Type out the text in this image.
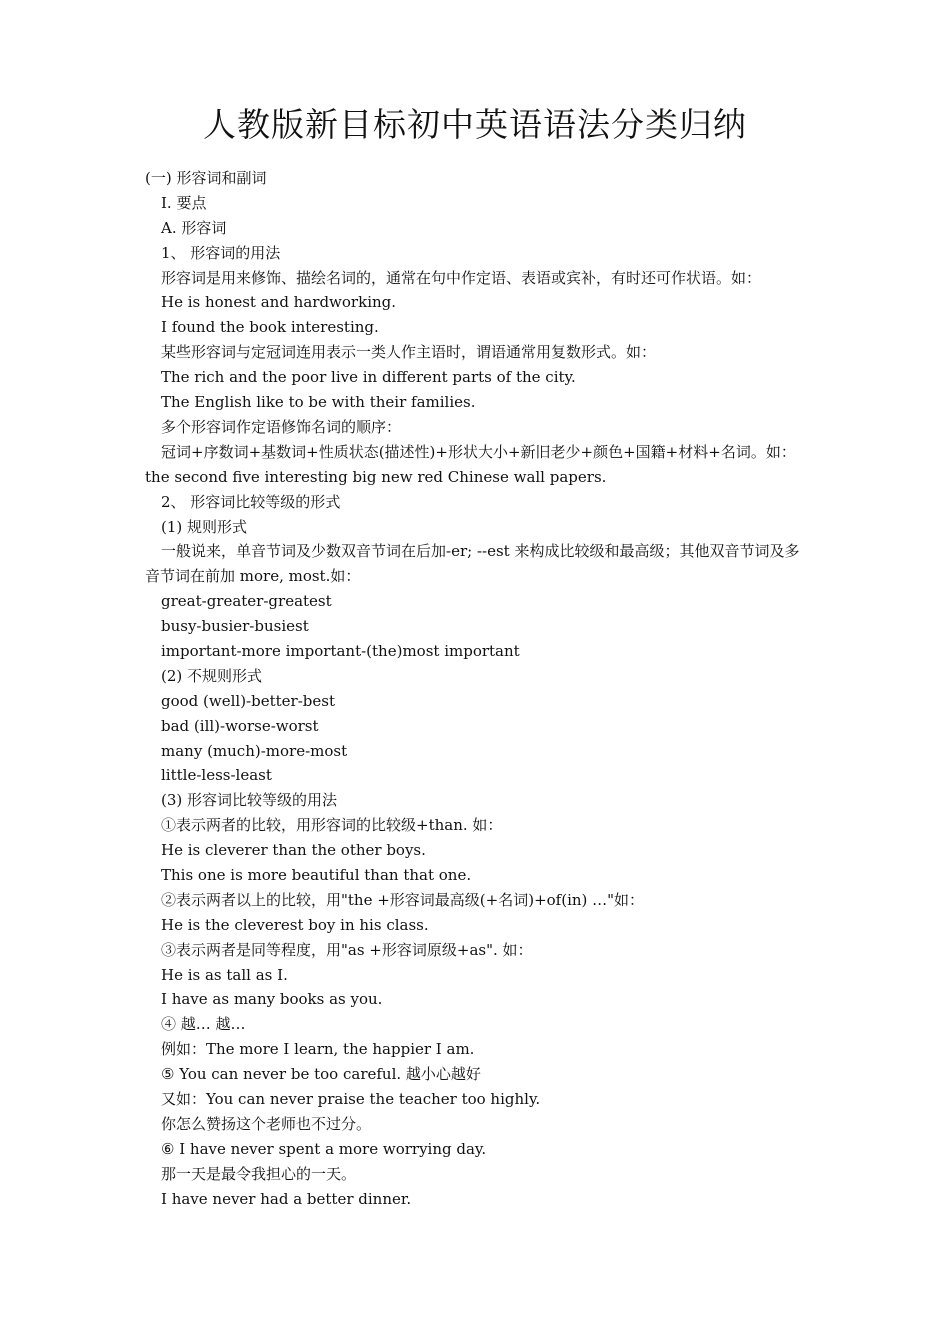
人教版新目标初中英语语法分类归纳
(一) 形容词和副词
I. 要点
A. 形容词
1、 形容词的用法
形容词是用来修饰、描绘名词的，通常在句中作定语、表语或宾补，有时还可作状语。如：
He is honest and hardworking.
I found the book interesting.
某些形容词与定冠词连用表示一类人作主语时，谓语通常用复数形式。如：
The rich and the poor live in different parts of the city.
The English like to be with their families.
多个形容词作定语修饰名词的顺序：
冠词+序数词+基数词+性质状态(描述性)+形状大小+新旧老少+颜色+国籍+材料+名词。如： the second five interesting big new red Chinese wall papers.
2、 形容词比较等级的形式
(1) 规则形式
一般说来，单音节词及少数双音节词在后加-er; --est 来构成比较级和最高级；其他双音节词及多音节词在前加 more, most.如：
great-greater-greatest
busy-busier-busiest
important-more important-(the)most important
(2) 不规则形式
good (well)-better-best
bad (ill)-worse-worst
many (much)-more-most
little-less-least
(3) 形容词比较等级的用法
①表示两者的比较，用形容词的比较级+than. 如：
He is cleverer than the other boys.
This one is more beautiful than that one.
②表示两者以上的比较，用"the +形容词最高级(+名词)+of(in) …"如：
He is the cleverest boy in his class.
③表示两者是同等程度，用"as +形容词原级+as". 如：
He is as tall as I.
I have as many books as you.
④ 越… 越…
例如：The more I learn, the happier I am.
⑤ You can never be too careful. 越小心越好
又如：You can never praise the teacher too highly.
你怎么赞扬这个老师也不过分。
⑥ I have never spent a more worrying day.
那一天是最令我担心的一天。
I have never had a better dinner.
